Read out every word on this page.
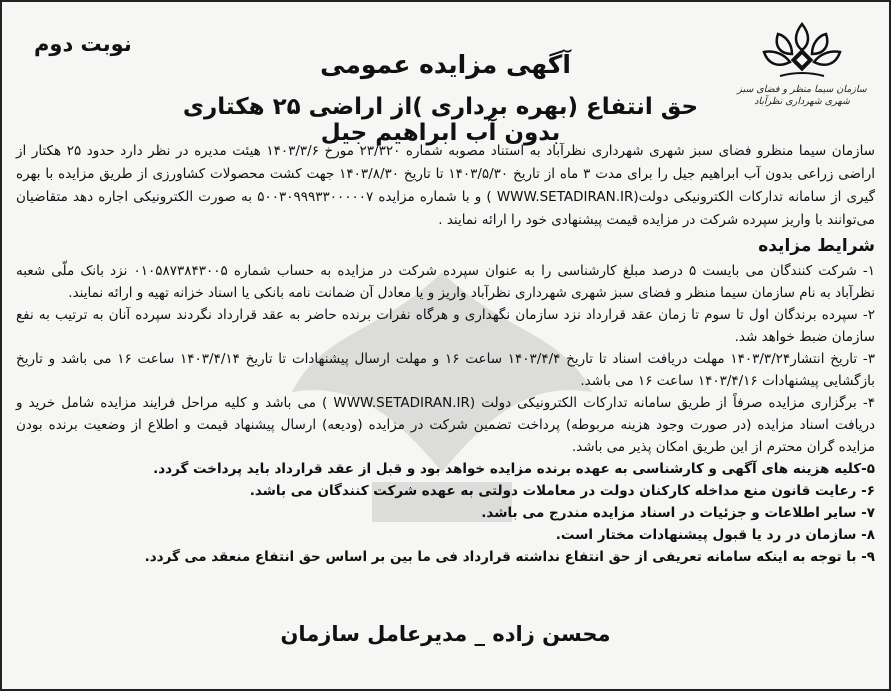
سازمان سیما منظر و فضای سبز شهری شهرداری نظرآباد
نوبت دوم
آگهی مزایده عمومی
حق انتفاع (بهره برداری )از اراضی ۲۵ هکتاری بدون آب ابراهیم جیل

سازمان سیما منظرو فضای سبز شهری شهرداری نظرآباد به استناد مصوبه شماره ۲۳/۳۲۰ مورخ ۱۴۰۳/۳/۶ هیئت مدیره در نظر دارد حدود ۲۵ هکتار از اراضی زراعی بدون آب ابراهیم جیل را برای مدت ۳ ماه از تاریخ ۱۴۰۳/۵/۳۰ تا تاریخ ۱۴۰۳/۸/۳۰ جهت کشت محصولات کشاورزی از طریق مزایده با بهره گیری از سامانه تدارکات الکترونیکی دولت(WWW.SETADIRAN.IR ) و با شماره مزایده ۵۰۰۳۰۹۹۹۳۳۰۰۰۰۰۷ به صورت الکترونیکی اجاره دهد متقاضیان می‌توانند با واریز سپرده شرکت در مزایده قیمت پیشنهادی خود را ارائه نمایند .

شرایط مزایده

۱- شرکت کنندگان می بایست ۵ درصد مبلغ کارشناسی را به عنوان سپرده شرکت در مزایده به حساب شماره ۰۱۰۵۸۷۳۸۴۳۰۰۵ نزد بانک ملّی شعبه نظرآباد به نام سازمان سیما منظر و فضای سبز شهری شهرداری نظرآباد واریز و یا معادل آن ضمانت نامه بانکی یا اسناد خزانه تهیه و ارائه نمایند.

۲- سپرده برندگان اول تا سوم تا زمان عقد قرارداد نزد سازمان نگهداری و هرگاه نفرات برنده حاضر به عقد قرارداد نگردند سپرده آنان به ترتیب به نفع سازمان ضبط خواهد شد.

۳- تاریخ انتشار۱۴۰۳/۳/۲۴ مهلت دریافت اسناد تا تاریخ ۱۴۰۳/۴/۴ ساعت ۱۶ و مهلت ارسال پیشنهادات تا تاریخ ۱۴۰۳/۴/۱۴ ساعت ۱۶ می باشد و تاریخ بازگشایی پیشنهادات ۱۴۰۳/۴/۱۶ ساعت ۱۶ می باشد.

۴- برگزاری مزایده صرفاً از طریق سامانه تدارکات الکترونیکی دولت (WWW.SETADIRAN.IR ) می باشد و کلیه مراحل فرایند مزایده شامل خرید و دریافت اسناد مزایده (در صورت وجود هزینه مربوطه) پرداخت تضمین شرکت در مزایده (ودیعه) ارسال پیشنهاد قیمت و اطلاع از وضعیت برنده بودن مزایده گران محترم از این طریق امکان پذیر می باشد.

۵-کلیه هزینه های آگهی و کارشناسی به عهده برنده مزایده خواهد بود و قبل از عقد قرارداد باید پرداخت گردد.

۶- رعایت قانون منع مداخله کارکنان دولت در معاملات دولتی به عهده شرکت کنندگان می باشد.

۷- سایر اطلاعات و جزئیات در اسناد مزایده مندرج می باشد.

۸- سازمان در رد یا قبول پیشنهادات مختار است.

۹- با توجه به اینکه سامانه تعریفی از حق انتفاع نداشته قرارداد فی ما بین بر اساس حق انتفاع منعقد می گردد.

محسن زاده _ مدیرعامل سازمان
